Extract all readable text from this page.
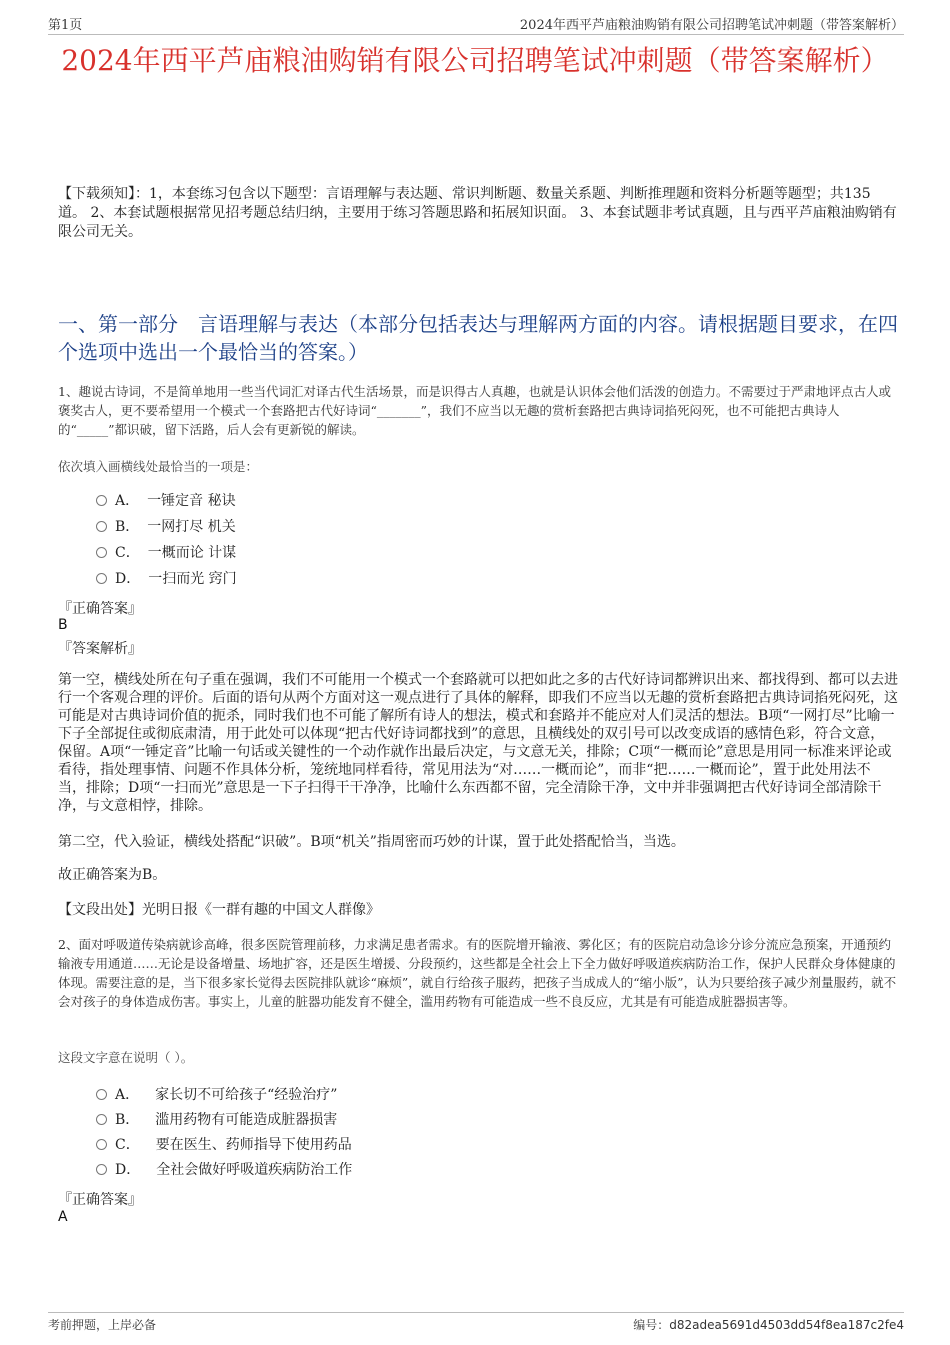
第1页	2024年西平芦庙粮油购销有限公司招聘笔试冲刺题（带答案解析）
2024年西平芦庙粮油购销有限公司招聘笔试冲刺题（带答案解析）
【下载须知】：1，本套练习包含以下题型：言语理解与表达题、常识判断题、数量关系题、判断推理题和资料分析题等题型；共135道。 2、本套试题根据常见招考题总结归纳，主要用于练习答题思路和拓展知识面。 3、本套试题非考试真题，且与西平芦庙粮油购销有限公司无关。
一、第一部分　言语理解与表达（本部分包括表达与理解两方面的内容。请根据题目要求，在四个选项中选出一个最恰当的答案。）
1、趣说古诗词，不是简单地用一些当代词汇对译古代生活场景，而是识得古人真趣，也就是认识体会他们活泼的创造力。不需要过于严肃地评点古人或褒奖古人，更不要希望用一个模式一个套路把古代好诗词“_______”，我们不应当以无趣的赏析套路把古典诗词掐死闷死，也不可能把古典诗人的“_____”都识破，留下活路，后人会有更新锐的解读。
依次填入画横线处最恰当的一项是：
A． 一锤定音 秘诀
B． 一网打尽 机关
C． 一概而论 计谋
D． 一扫而光 窍门
『正确答案』
B
『答案解析』
第一空，横线处所在句子重在强调，我们不可能用一个模式一个套路就可以把如此之多的古代好诗词都辨识出来、都找得到、都可以去进行一个客观合理的评价。后面的语句从两个方面对这一观点进行了具体的解释，即我们不应当以无趣的赏析套路把古典诗词掐死闷死，这可能是对古典诗词价值的扼杀，同时我们也不可能了解所有诗人的想法，模式和套路并不能应对人们灵活的想法。B项“一网打尽”比喻一下子全部捉住或彻底肃清，用于此处可以体现“把古代好诗词都找到”的意思，且横线处的双引号可以改变成语的感情色彩，符合文意，保留。A项“一锤定音”比喻一句话或关键性的一个动作就作出最后决定，与文意无关，排除；C项“一概而论”意思是用同一标准来评论或看待，指处理事情、问题不作具体分析，笼统地同样看待，常见用法为“对……一概而论”，而非“把……一概而论”，置于此处用法不当，排除；D项“一扫而光”意思是一下子扫得干干净净，比喻什么东西都不留，完全清除干净，文中并非强调把古代好诗词全部清除干净，与文意相悖，排除。
第二空，代入验证，横线处搭配“识破”。B项“机关”指周密而巧妙的计谋，置于此处搭配恰当，当选。
故正确答案为B。
【文段出处】光明日报《一群有趣的中国文人群像》
2、面对呼吸道传染病就诊高峰，很多医院管理前移，力求满足患者需求。有的医院增开输液、雾化区；有的医院启动急诊分诊分流应急预案，开通预约输液专用通道……无论是设备增量、场地扩容，还是医生增援、分段预约，这些都是全社会上下全力做好呼吸道疾病防治工作，保护人民群众身体健康的体现。需要注意的是，当下很多家长觉得去医院排队就诊“麻烦”，就自行给孩子服药，把孩子当成成人的“缩小版”，认为只要给孩子减少剂量服药，就不会对孩子的身体造成伤害。事实上，儿童的脏器功能发育不健全，滥用药物有可能造成一些不良反应，尤其是有可能造成脏器损害等。
这段文字意在说明（ ）。
A． 家长切不可给孩子“经验治疗”
B． 滥用药物有可能造成脏器损害
C． 要在医生、药师指导下使用药品
D． 全社会做好呼吸道疾病防治工作
『正确答案』
A
考前押题，上岸必备	编号：d82adea5691d4503dd54f8ea187c2fe4
